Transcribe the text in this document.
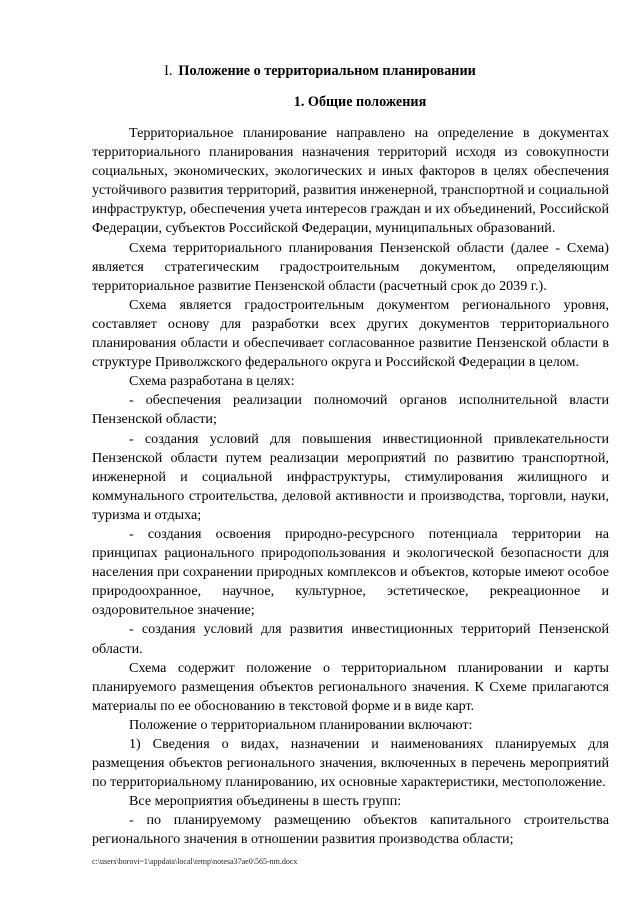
I. Положение о территориальном планировании
1. Общие положения

Территориальное планирование направлено на определение в документах территориального планирования назначения территорий исходя из совокупности социальных, экономических, экологических и иных факторов в целях обеспечения устойчивого развития территорий, развития инженерной, транспортной и социальной инфраструктур, обеспечения учета интересов граждан и их объединений, Российской Федерации, субъектов Российской Федерации, муниципальных образований.

Схема территориального планирования Пензенской области (далее - Схема) является стратегическим градостроительным документом, определяющим территориальное развитие Пензенской области (расчетный срок до 2039 г.).

Схема является градостроительным документом регионального уровня, составляет основу для разработки всех других документов территориального планирования области и обеспечивает согласованное развитие Пензенской области в структуре Приволжского федерального округа и Российской Федерации в целом.

Схема разработана в целях:

- обеспечения реализации полномочий органов исполнительной власти Пензенской области;

- создания условий для повышения инвестиционной привлекательности Пензенской области путем реализации мероприятий по развитию транспортной, инженерной и социальной инфраструктуры, стимулирования жилищного и коммунального строительства, деловой активности и производства, торговли, науки, туризма и отдыха;

- создания освоения природно-ресурсного потенциала территории на принципах рационального природопользования и экологической безопасности для населения при сохранении природных комплексов и объектов, которые имеют особое природоохранное, научное, культурное, эстетическое, рекреационное и оздоровительное значение;

- создания условий для развития инвестиционных территорий Пензенской области.

Схема содержит положение о территориальном планировании и карты планируемого размещения объектов регионального значения. К Схеме прилагаются материалы по ее обоснованию в текстовой форме и в виде карт.

Положение о территориальном планировании включают:

1) Сведения о видах, назначении и наименованиях планируемых для размещения объектов регионального значения, включенных в перечень мероприятий по территориальному планированию, их основные характеристики, местоположение.

Все мероприятия объединены в шесть групп:

- по планируемому размещению объектов капитального строительства регионального значения в отношении развития производства области;

c:\users\borovi~1\appdata\local\temp\notesa37ae0\565-nm.docx
